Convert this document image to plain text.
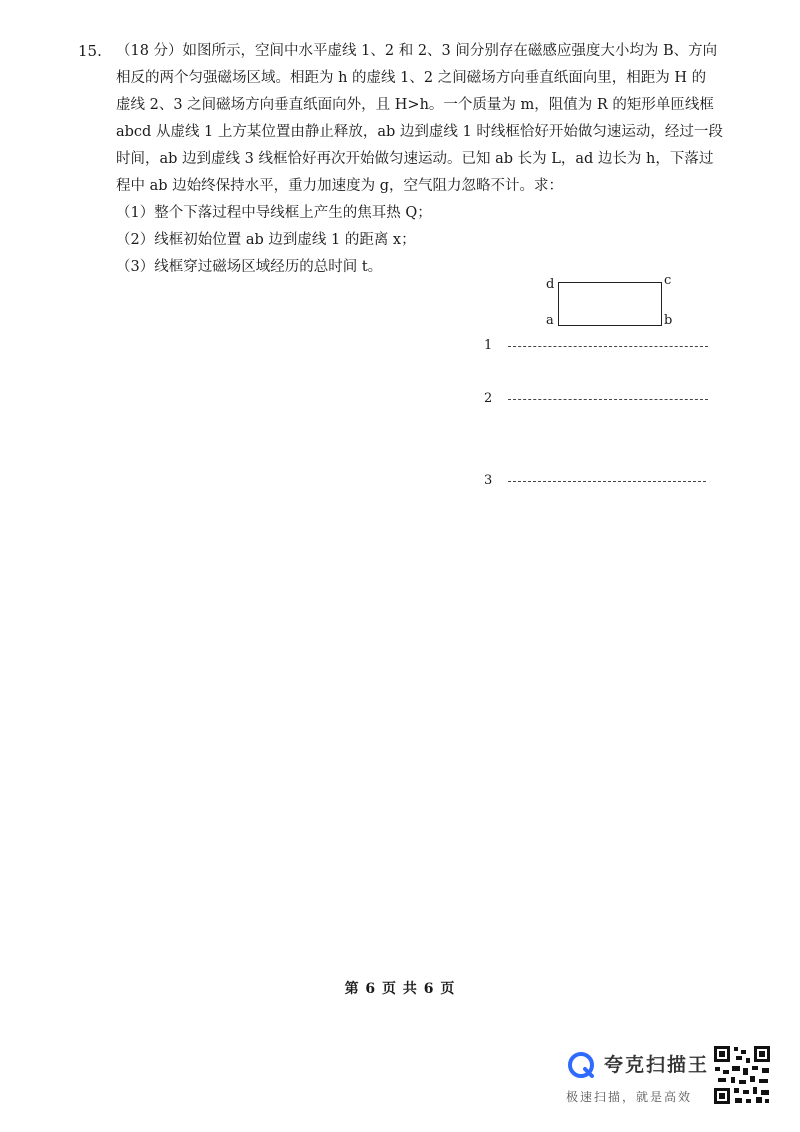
15. （18 分）如图所示，空间中水平虚线 1、2 和 2、3 间分别存在磁感应强度大小均为 B、方向
相反的两个匀强磁场区域。相距为 h 的虚线 1、2 之间磁场方向垂直纸面向里，相距为 H 的
虚线 2、3 之间磁场方向垂直纸面向外，且 H>h。一个质量为 m，阻值为 R 的矩形单匝线框
abcd 从虚线 1 上方某位置由静止释放，ab 边到虚线 1 时线框恰好开始做匀速运动，经过一段
时间，ab 边到虚线 3 线框恰好再次开始做匀速运动。已知 ab 长为 L，ad 边长为 h，下落过
程中 ab 边始终保持水平，重力加速度为 g，空气阻力忽略不计。求：
（1）整个下落过程中导线框上产生的焦耳热 Q；
（2）线框初始位置 ab 边到虚线 1 的距离 x；
（3）线框穿过磁场区域经历的总时间 t。
d	c
a	b
1
2
3
第 6 页 共 6 页
夸克扫描王
极速扫描，就是高效
